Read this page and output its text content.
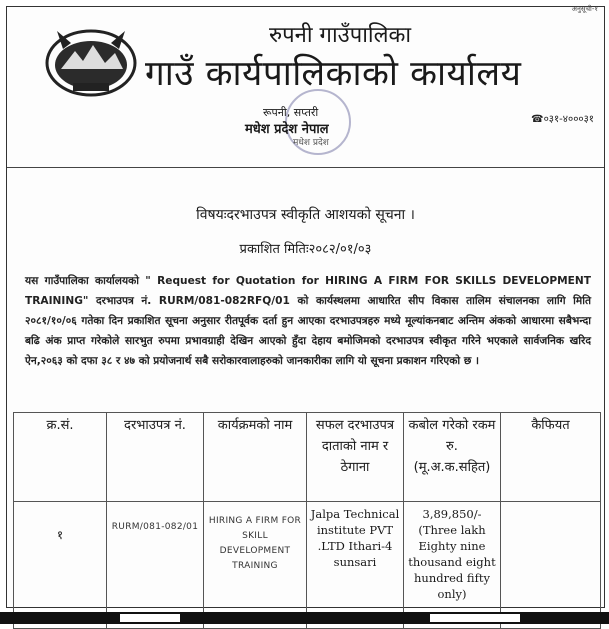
अनुसूची-१
रुपनी गाउँपालिका
गाउँ कार्यपालिकाको कार्यालय
☎०३१-४०००३१
रूपनी, सप्तरी
मधेश प्रदेश नेपाल
मधेश प्रदेश
विषयःदरभाउपत्र स्वीकृति आशयको सूचना ।
प्रकाशित मितिः२०८२/०१/०३
यस गाउँपालिका कार्यालयको " Request for Quotation for HIRING A FIRM FOR SKILLS DEVELOPMENT TRAINING" दरभाउपत्र नं. RURM/081-082RFQ/01 को कार्यस्थलमा आधारित सीप विकास तालिम संचालनका लागि मिति २०८१/१०/०६ गतेका दिन प्रकाशित सूचना अनुसार रीतपूर्वक दर्ता हुन आएका दरभाउपत्रहरु मध्ये मूल्यांकनबाट अन्तिम अंकको आधारमा सबैभन्दा बढि अंक प्राप्त गरेकोले सारभुत रुपमा प्रभावग्राही देखिन आएको हुँदा देहाय बमोजिमको दरभाउपत्र स्वीकृत गरिने भएकाले सार्वजनिक खरिद ऐन,२०६३ को दफा ३८ र ४७ को प्रयोजनार्थ सबै सरोकारवालाहरुको जानकारीका लागि यो सूचना प्रकाशन गरिएको छ ।
क्र.सं.	दरभाउपत्र नं.	कार्यक्रमको नाम	सफल दरभाउपत्र दाताको नाम र ठेगाना	कबोल गरेको रकम रु. (मू.अ.क.सहित)	कैफियत
१	RURM/081-082/01	HIRING A FIRM FOR SKILL DEVELOPMENT TRAINING	Jalpa Technical institute PVT .LTD Ithari-4 sunsari	3,89,850/- (Three lakh Eighty nine thousand eight hundred fifty only)	
